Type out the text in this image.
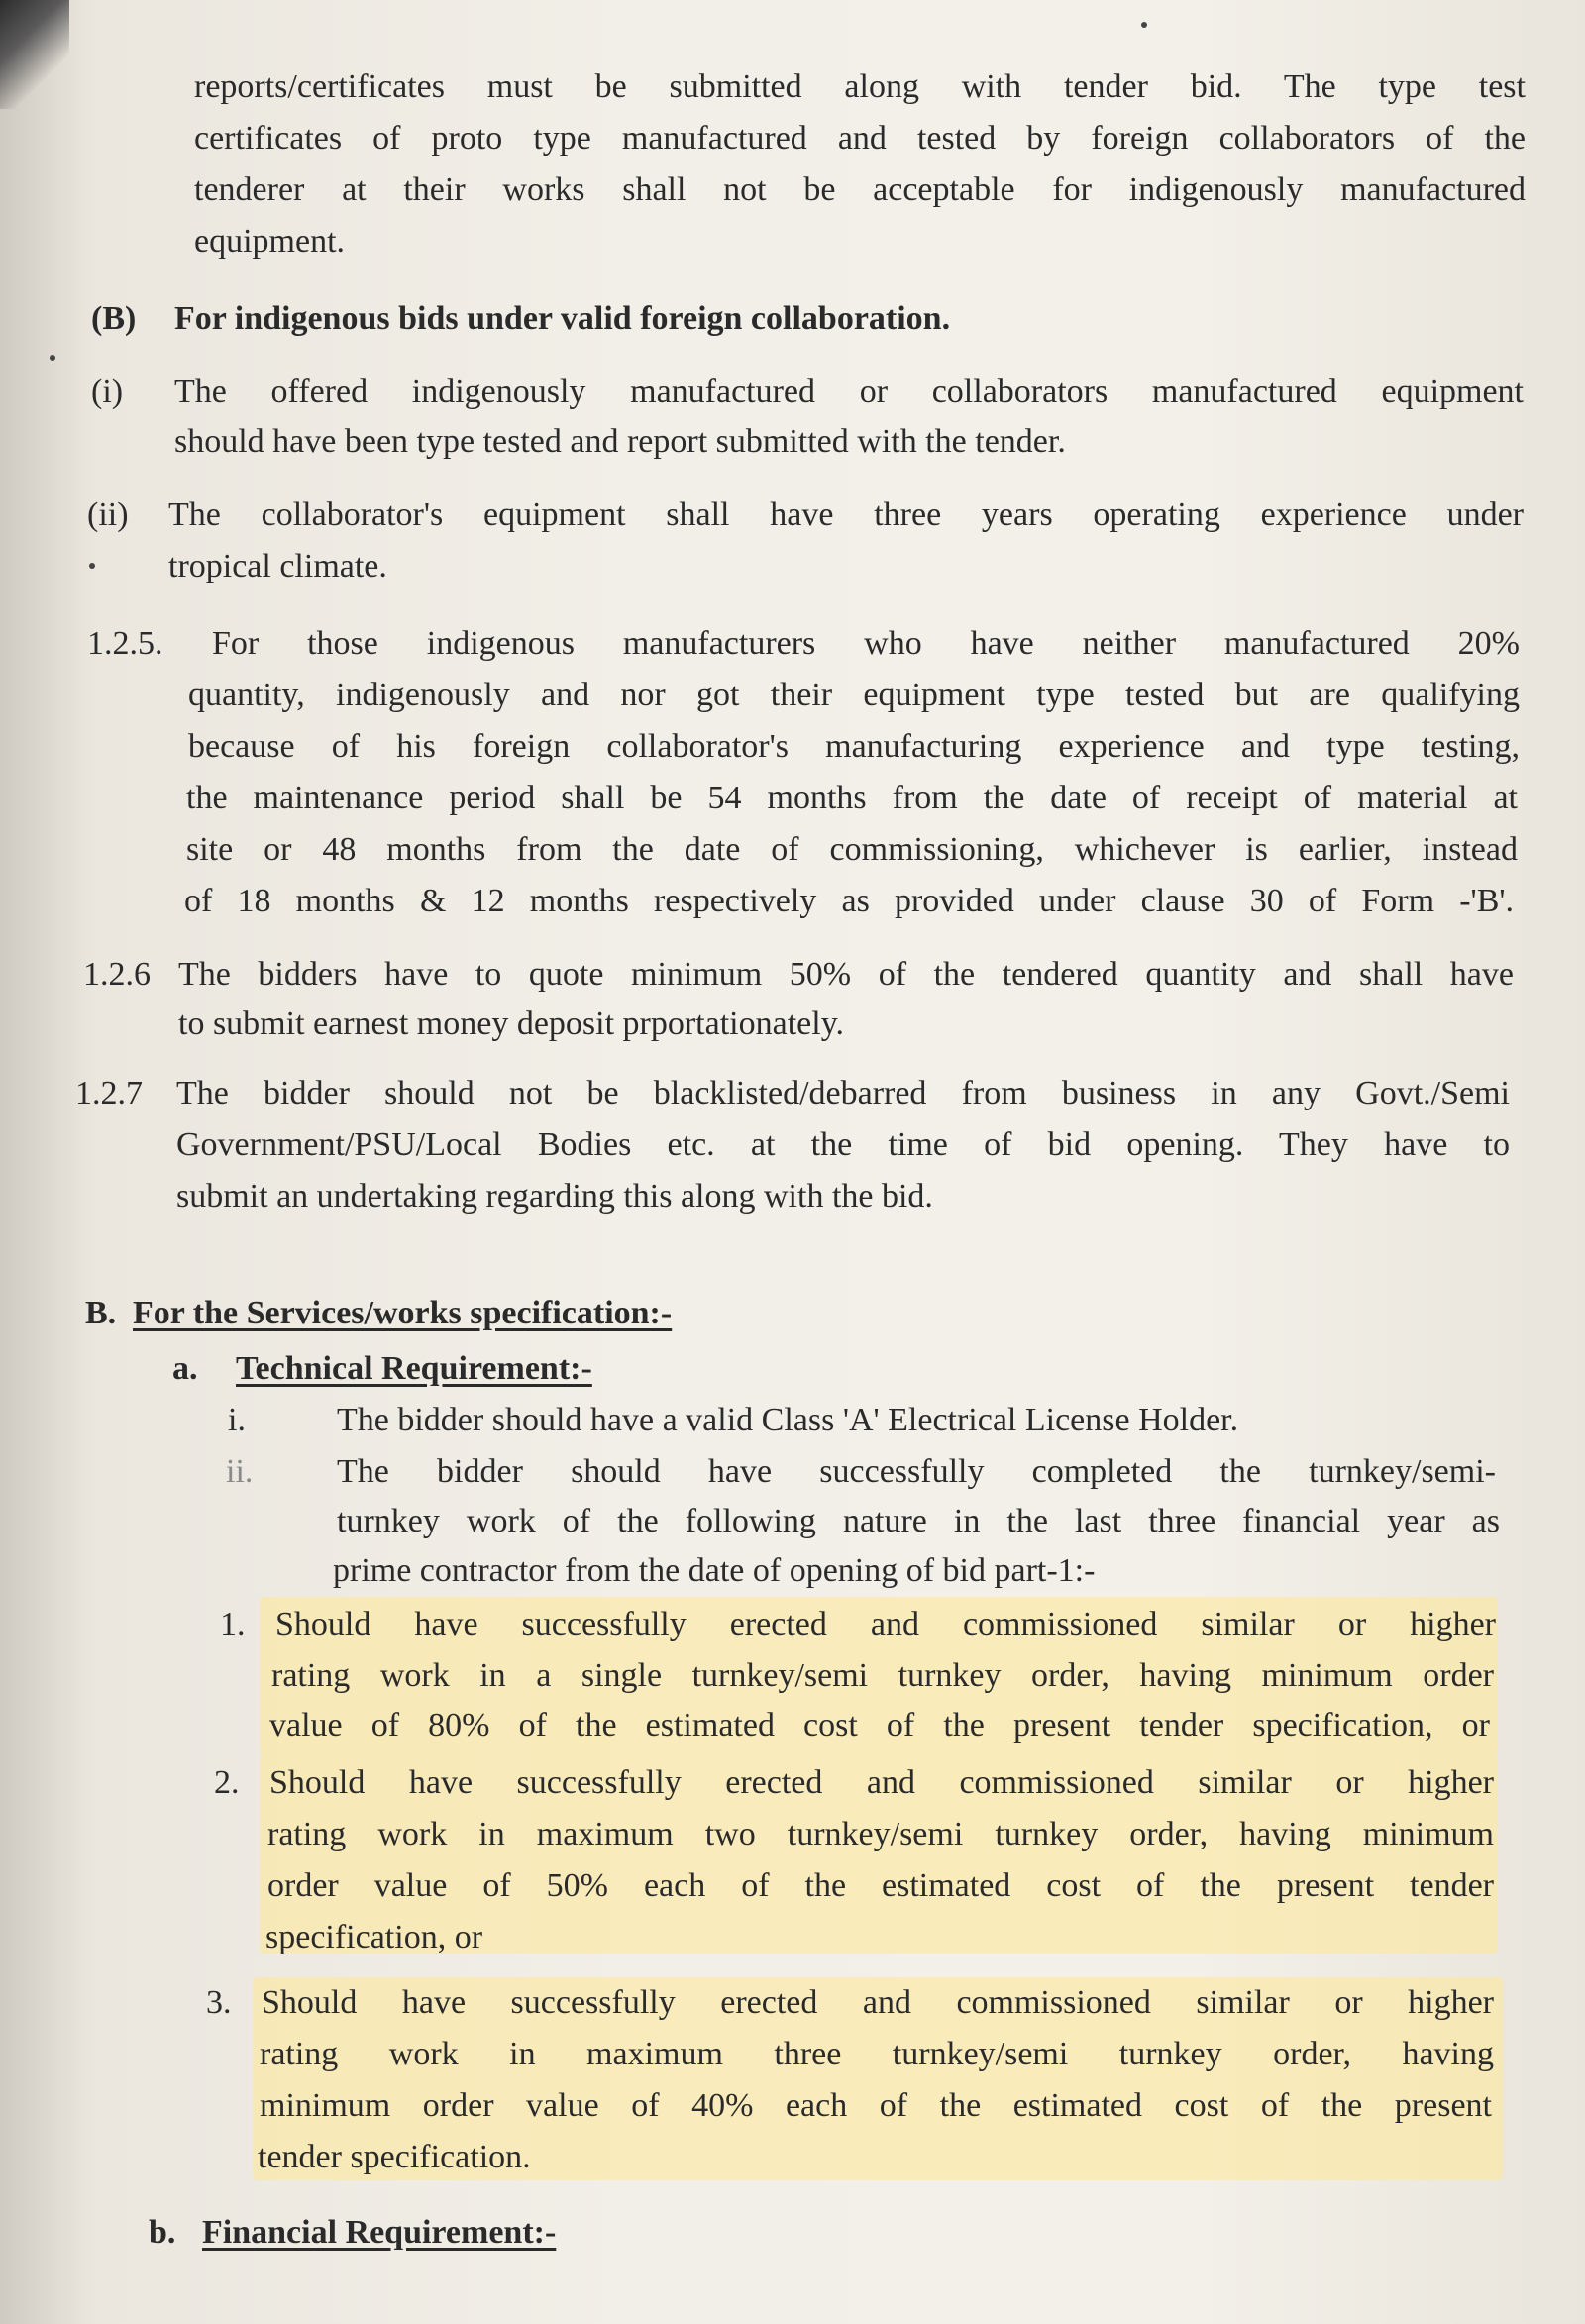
reports/certificates must be submitted along with tender bid. The type test
certificates of proto type manufactured and tested by foreign collaborators of the
tenderer at their works shall not be acceptable for indigenously manufactured
equipment.
(B) For indigenous bids under valid foreign collaboration.
(i) The offered indigenously manufactured or collaborators manufactured equipment
should have been type tested and report submitted with the tender.
(ii) The collaborator's equipment shall have three years operating experience under
tropical climate.
1.2.5. For those indigenous manufacturers who have neither manufactured 20%
quantity, indigenously and nor got their equipment type tested but are qualifying
because of his foreign collaborator's manufacturing experience and type testing,
the maintenance period shall be 54 months from the date of receipt of material at
site or 48 months from the date of commissioning, whichever is earlier, instead
of 18 months & 12 months respectively as provided under clause 30 of Form -'B'.
1.2.6 The bidders have to quote minimum 50% of the tendered quantity and shall have
to submit earnest money deposit prportationately.
1.2.7 The bidder should not be blacklisted/debarred from business in any Govt./Semi
Government/PSU/Local Bodies etc. at the time of bid opening. They have to
submit an undertaking regarding this along with the bid.
B. For the Services/works specification:-
a. Technical Requirement:-
i.	The bidder should have a valid Class 'A' Electrical License Holder.
ii. The bidder should have successfully completed the turnkey/semi-
turnkey work of the following nature in the last three financial year as
prime contractor from the date of opening of bid part-1:-
1. Should have successfully erected and commissioned similar or higher
rating work in a single turnkey/semi turnkey order, having minimum order
value of 80% of the estimated cost of the present tender specification, or
2. Should have successfully erected and commissioned similar or higher
rating work in maximum two turnkey/semi turnkey order, having minimum
order value of 50% each of the estimated cost of the present tender
specification, or
3. Should have successfully erected and commissioned similar or higher
rating work in maximum three turnkey/semi turnkey order, having
minimum order value of 40% each of the estimated cost of the present
tender specification.
b. Financial Requirement:-
